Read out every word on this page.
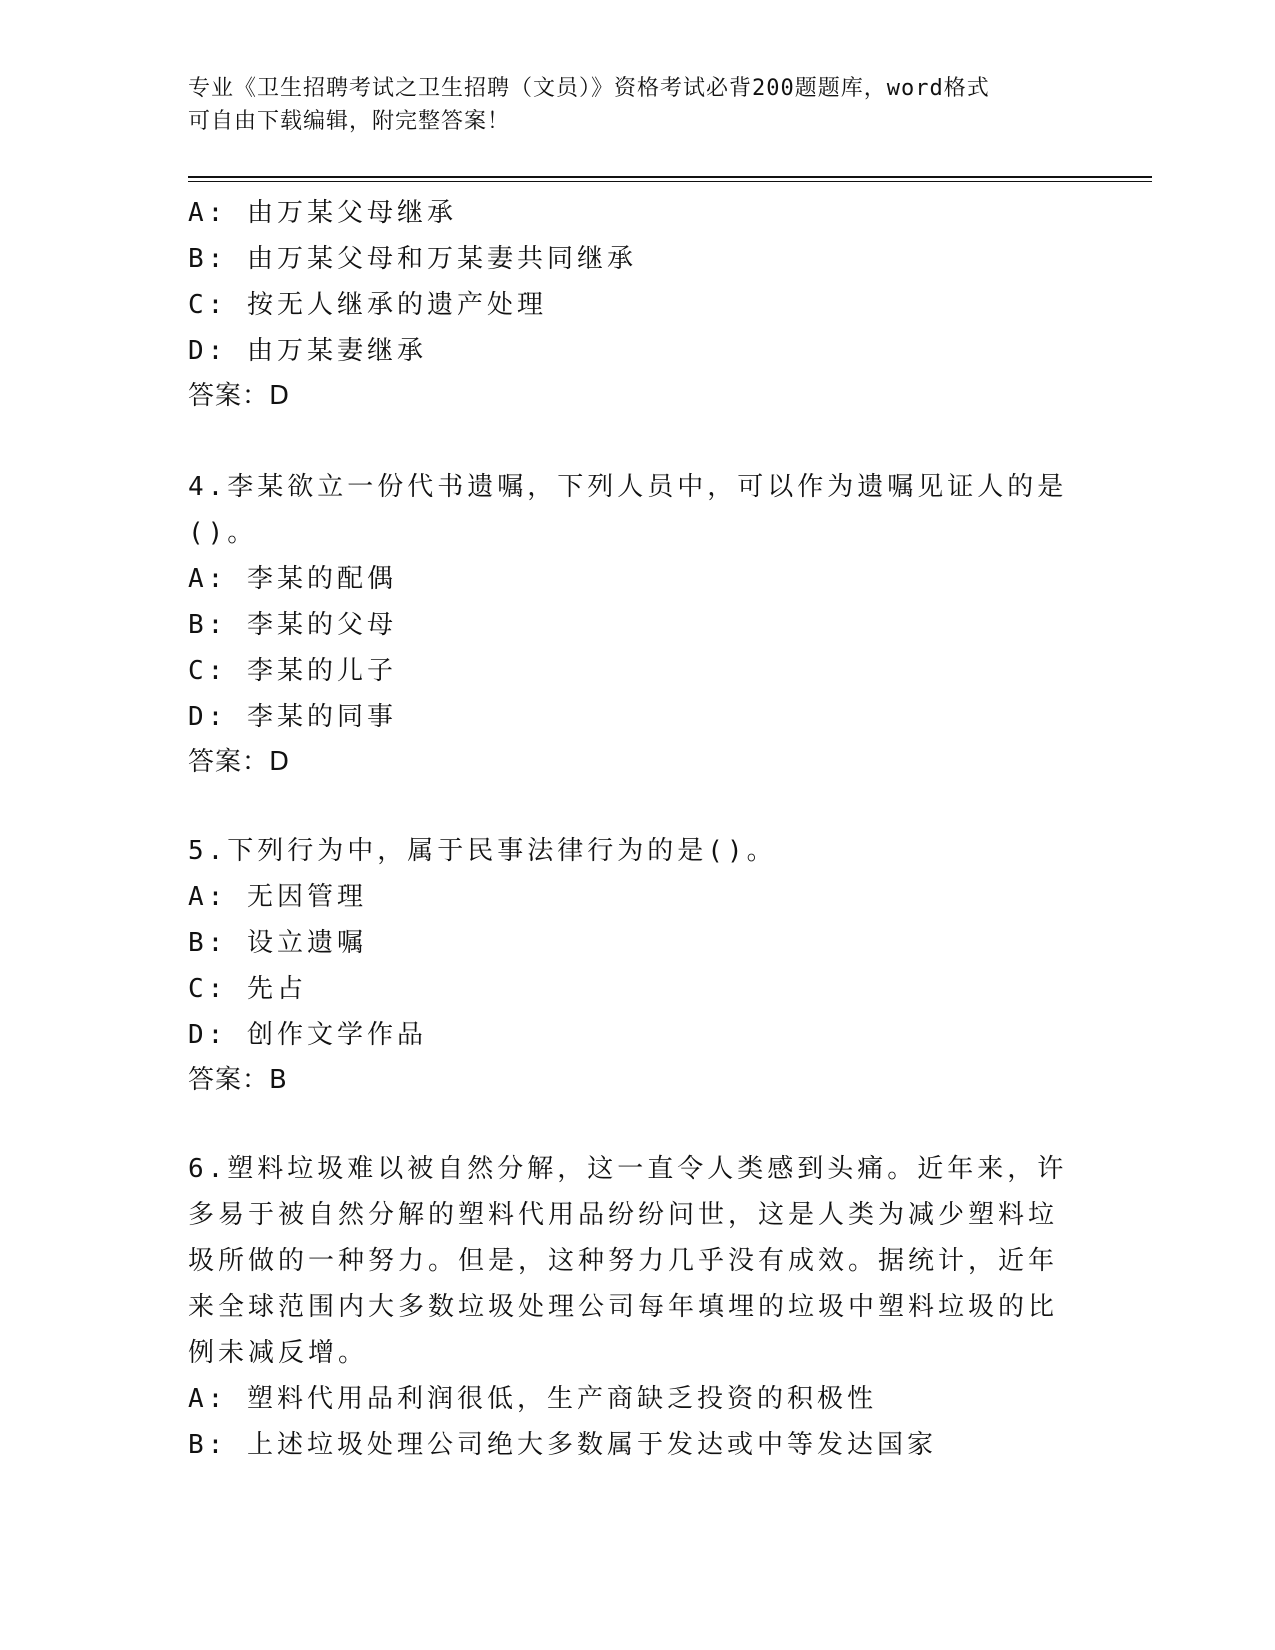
专业《卫生招聘考试之卫生招聘（文员）》资格考试必背200题题库，word格式
可自由下载编辑，附完整答案！
A: 由万某父母继承
B: 由万某父母和万某妻共同继承
C: 按无人继承的遗产处理
D: 由万某妻继承
答案：D
4.李某欲立一份代书遗嘱，下列人员中，可以作为遗嘱见证人的是()。
A: 李某的配偶
B: 李某的父母
C: 李某的儿子
D: 李某的同事
答案：D
5.下列行为中，属于民事法律行为的是()。
A: 无因管理
B: 设立遗嘱
C: 先占
D: 创作文学作品
答案：B
6.塑料垃圾难以被自然分解，这一直令人类感到头痛。近年来，许多易于被自然分解的塑料代用品纷纷问世，这是人类为减少塑料垃圾所做的一种努力。但是，这种努力几乎没有成效。据统计，近年来全球范围内大多数垃圾处理公司每年填埋的垃圾中塑料垃圾的比例未减反增。
A: 塑料代用品利润很低，生产商缺乏投资的积极性
B: 上述垃圾处理公司绝大多数属于发达或中等发达国家
